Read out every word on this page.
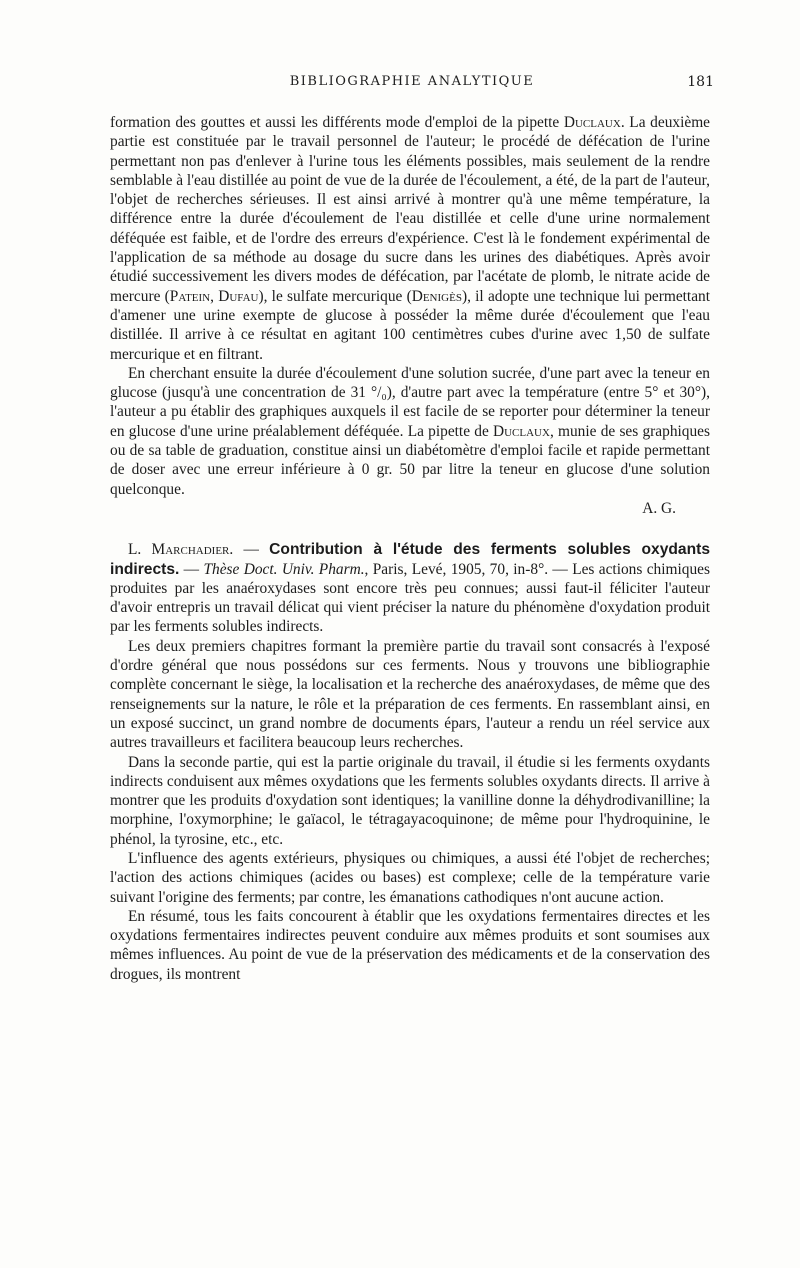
BIBLIOGRAPHIE ANALYTIQUE	181

formation des gouttes et aussi les différents mode d'emploi de la pipette Duclaux. La deuxième partie est constituée par le travail personnel de l'auteur; le procédé de défécation de l'urine permettant non pas d'enlever à l'urine tous les éléments possibles, mais seulement de la rendre semblable à l'eau distillée au point de vue de la durée de l'écoulement, a été, de la part de l'auteur, l'objet de recherches sérieuses. Il est ainsi arrivé à montrer qu'à une même température, la différence entre la durée d'écoulement de l'eau distillée et celle d'une urine normalement déféquée est faible, et de l'ordre des erreurs d'expérience. C'est là le fondement expérimental de l'application de sa méthode au dosage du sucre dans les urines des diabétiques. Après avoir étudié successivement les divers modes de défécation, par l'acétate de plomb, le nitrate acide de mercure (Patein, Dufau), le sulfate mercurique (Denigès), il adopte une technique lui permettant d'amener une urine exempte de glucose à posséder la même durée d'écoulement que l'eau distillée. Il arrive à ce résultat en agitant 100 centimètres cubes d'urine avec 1,50 de sulfate mercurique et en filtrant.

En cherchant ensuite la durée d'écoulement d'une solution sucrée, d'une part avec la teneur en glucose (jusqu'à une concentration de 31 °/₀), d'autre part avec la température (entre 5° et 30°), l'auteur a pu établir des graphiques auxquels il est facile de se reporter pour déterminer la teneur en glucose d'une urine préalablement déféquée. La pipette de Duclaux, munie de ses graphiques ou de sa table de graduation, constitue ainsi un diabétomètre d'emploi facile et rapide permettant de doser avec une erreur inférieure à 0 gr. 50 par litre la teneur en glucose d'une solution quelconque.

A. G.

L. Marchadier. — Contribution à l'étude des ferments solubles oxydants indirects. — Thèse Doct. Univ. Pharm., Paris, Levé, 1905, 70, in-8°. — Les actions chimiques produites par les anaéroxydases sont encore très peu connues; aussi faut-il féliciter l'auteur d'avoir entrepris un travail délicat qui vient préciser la nature du phénomène d'oxydation produit par les ferments solubles indirects.

Les deux premiers chapitres formant la première partie du travail sont consacrés à l'exposé d'ordre général que nous possédons sur ces ferments. Nous y trouvons une bibliographie complète concernant le siège, la localisation et la recherche des anaéroxydases, de même que des renseignements sur la nature, le rôle et la préparation de ces ferments. En rassemblant ainsi, en un exposé succinct, un grand nombre de documents épars, l'auteur a rendu un réel service aux autres travailleurs et facilitera beaucoup leurs recherches.

Dans la seconde partie, qui est la partie originale du travail, il étudie si les ferments oxydants indirects conduisent aux mêmes oxydations que les ferments solubles oxydants directs. Il arrive à montrer que les produits d'oxydation sont identiques; la vanilline donne la déhydrodivanilline; la morphine, l'oxymorphine; le gaïacol, le tétragayacoquinone; de même pour l'hydroquinine, le phénol, la tyrosine, etc., etc.

L'influence des agents extérieurs, physiques ou chimiques, a aussi été l'objet de recherches; l'action des actions chimiques (acides ou bases) est complexe; celle de la température varie suivant l'origine des ferments; par contre, les émanations cathodiques n'ont aucune action.

En résumé, tous les faits concourent à établir que les oxydations fermentaires directes et les oxydations fermentaires indirectes peuvent conduire aux mêmes produits et sont soumises aux mêmes influences. Au point de vue de la préservation des médicaments et de la conservation des drogues, ils montrent
